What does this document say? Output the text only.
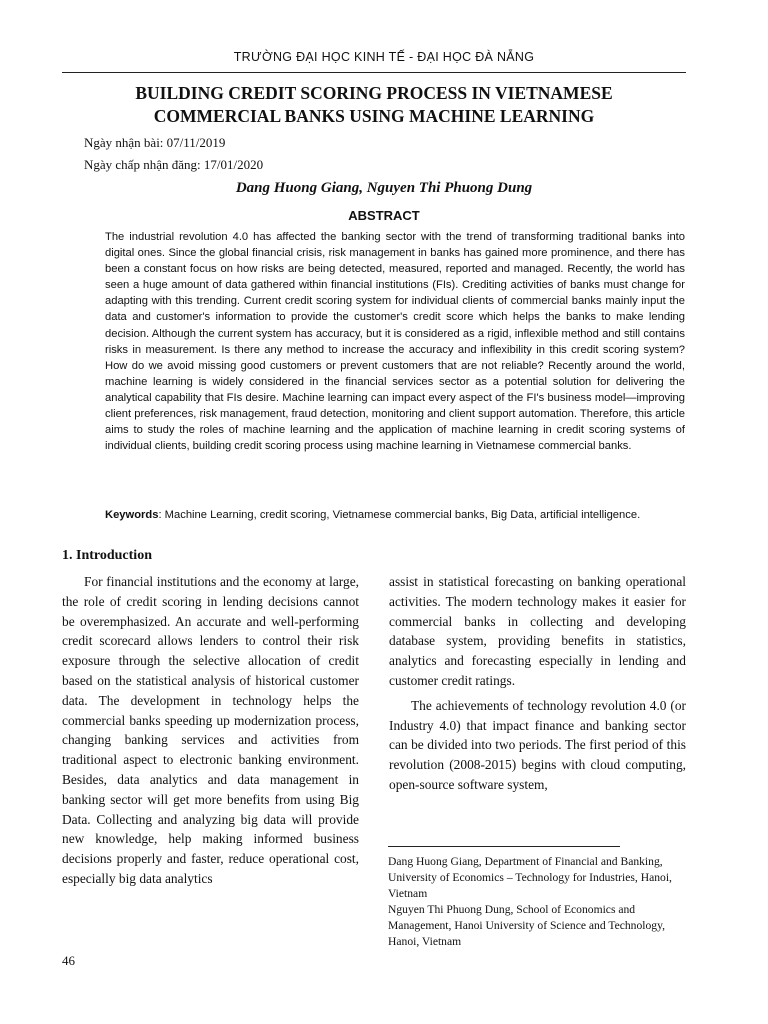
TRƯỜNG ĐẠI HỌC KINH TẾ - ĐẠI HỌC ĐÀ NẴNG
BUILDING CREDIT SCORING PROCESS IN VIETNAMESE
COMMERCIAL BANKS USING MACHINE LEARNING
Ngày nhận bài: 07/11/2019
Ngày chấp nhận đăng: 17/01/2020
Dang Huong Giang, Nguyen Thi Phuong Dung
ABSTRACT
The industrial revolution 4.0 has affected the banking sector with the trend of transforming traditional banks into digital ones. Since the global financial crisis, risk management in banks has gained more prominence, and there has been a constant focus on how risks are being detected, measured, reported and managed. Recently, the world has seen a huge amount of data gathered within financial institutions (FIs). Crediting activities of banks must change for adapting with this trending. Current credit scoring system for individual clients of commercial banks mainly input the data and customer's information to provide the customer's credit score which helps the banks to make lending decision. Although the current system has accuracy, but it is considered as a rigid, inflexible method and still contains risks in measurement. Is there any method to increase the accuracy and inflexibility in this credit scoring system? How do we avoid missing good customers or prevent customers that are not reliable? Recently around the world, machine learning is widely considered in the financial services sector as a potential solution for delivering the analytical capability that FIs desire. Machine learning can impact every aspect of the FI's business model—improving client preferences, risk management, fraud detection, monitoring and client support automation. Therefore, this article aims to study the roles of machine learning and the application of machine learning in credit scoring systems of individual clients, building credit scoring process using machine learning in Vietnamese commercial banks.
Keywords: Machine Learning, credit scoring, Vietnamese commercial banks, Big Data, artificial intelligence.
1. Introduction

For financial institutions and the economy at large, the role of credit scoring in lending decisions cannot be overemphasized. An accurate and well-performing credit scorecard allows lenders to control their risk exposure through the selective allocation of credit based on the statistical analysis of historical customer data. The development in technology helps the commercial banks speeding up modernization process, changing banking services and activities from traditional aspect to electronic banking environment. Besides, data analytics and data management in banking sector will get more benefits from using Big Data. Collecting and analyzing big data will provide new knowledge, help making informed business decisions properly and faster, reduce operational cost, especially big data analytics

assist in statistical forecasting on banking operational activities. The modern technology makes it easier for commercial banks in collecting and developing database system, providing benefits in statistics, analytics and forecasting especially in lending and customer credit ratings.

The achievements of technology revolution 4.0 (or Industry 4.0) that impact finance and banking sector can be divided into two periods. The first period of this revolution (2008-2015) begins with cloud computing, open-source software system,

Dang Huong Giang, Department of Financial and Banking, University of Economics – Technology for Industries, Hanoi, Vietnam
Nguyen Thi Phuong Dung, School of Economics and Management, Hanoi University of Science and Technology, Hanoi, Vietnam
46
